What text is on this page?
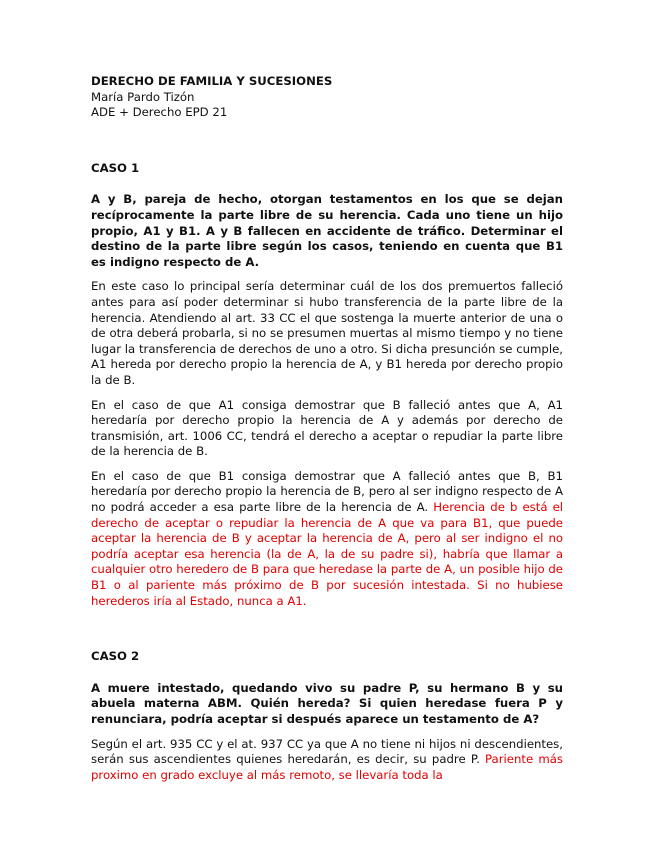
DERECHO DE FAMILIA Y SUCESIONES
María Pardo Tizón
ADE + Derecho EPD 21
CASO 1

A y B, pareja de hecho, otorgan testamentos en los que se dejan recíprocamente la parte libre de su herencia. Cada uno tiene un hijo propio, A1 y B1. A y B fallecen en accidente de tráfico. Determinar el destino de la parte libre según los casos, teniendo en cuenta que B1 es indigno respecto de A.

En este caso lo principal sería determinar cuál de los dos premuertos falleció antes para así poder determinar si hubo transferencia de la parte libre de la herencia. Atendiendo al art. 33 CC el que sostenga la muerte anterior de una o de otra deberá probarla, si no se presumen muertas al mismo tiempo y no tiene lugar la transferencia de derechos de uno a otro. Si dicha presunción se cumple, A1 hereda por derecho propio la herencia de A, y B1 hereda por derecho propio la de B.

En el caso de que A1 consiga demostrar que B falleció antes que A, A1 heredaría por derecho propio la herencia de A y además por derecho de transmisión, art. 1006 CC, tendrá el derecho a aceptar o repudiar la parte libre de la herencia de B.

En el caso de que B1 consiga demostrar que A falleció antes que B, B1 heredaría por derecho propio la herencia de B, pero al ser indigno respecto de A no podrá acceder a esa parte libre de la herencia de A. Herencia de b está el derecho de aceptar o repudiar la herencia de A que va para B1, que puede aceptar la herencia de B y aceptar la herencia de A, pero al ser indigno el no podría aceptar esa herencia (la de A, la de su padre si), habría que llamar a cualquier otro heredero de B para que heredase la parte de A, un posible hijo de B1 o al pariente más próximo de B por sucesión intestada. Si no hubiese herederos iría al Estado, nunca a A1.

CASO 2

A muere intestado, quedando vivo su padre P, su hermano B y su abuela materna ABM. Quién hereda? Si quien heredase fuera P y renunciara, podría aceptar si después aparece un testamento de A?

Según el art. 935 CC y el at. 937 CC ya que A no tiene ni hijos ni descendientes, serán sus ascendientes quienes heredarán, es decir, su padre P. Pariente más proximo en grado excluye al más remoto, se llevaría toda la
